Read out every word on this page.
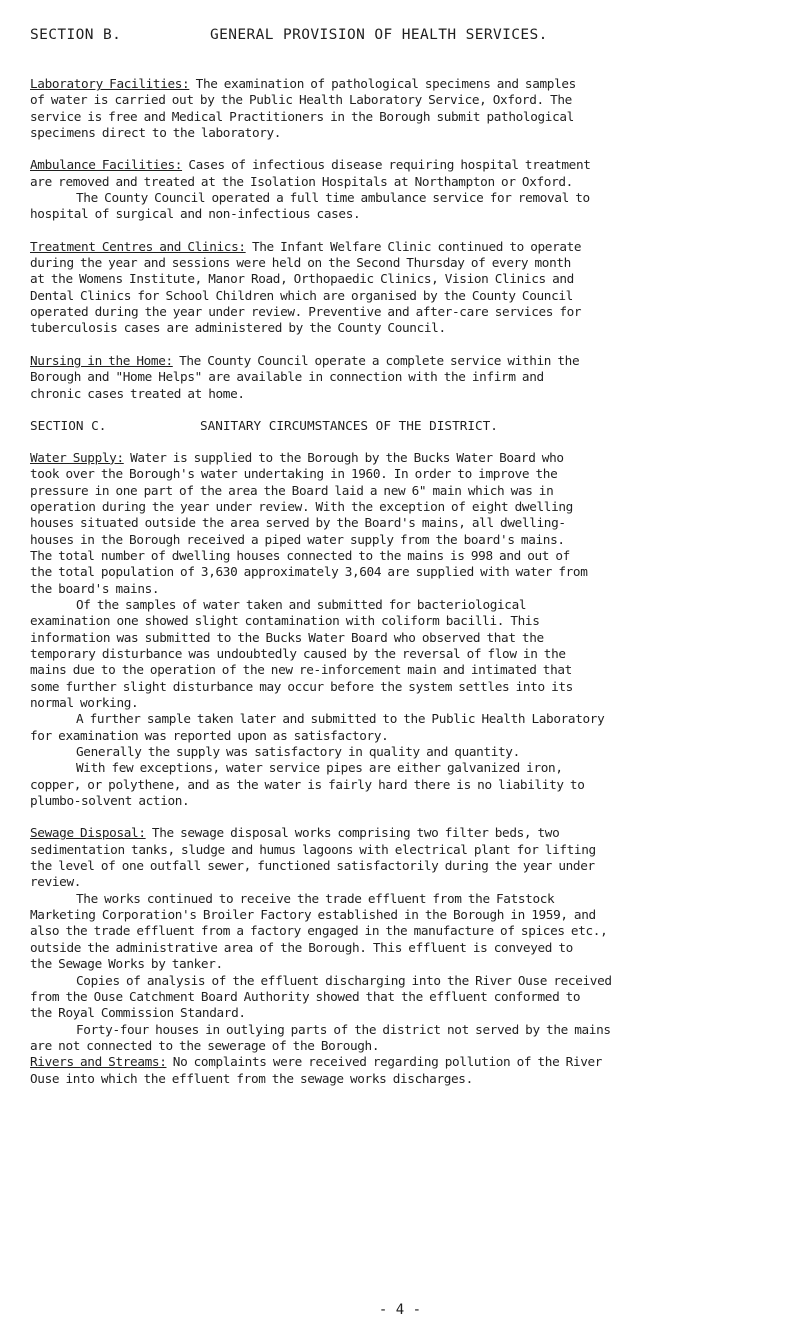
SECTION B.	GENERAL PROVISION OF HEALTH SERVICES.

Laboratory Facilities: The examination of pathological specimens and samples
of water is carried out by the Public Health Laboratory Service, Oxford. The
service is free and Medical Practitioners in the Borough submit pathological
specimens direct to the laboratory.

Ambulance Facilities: Cases of infectious disease requiring hospital treatment
are removed and treated at the Isolation Hospitals at Northampton or Oxford.
The County Council operated a full time ambulance service for removal to
hospital of surgical and non-infectious cases.

Treatment Centres and Clinics: The Infant Welfare Clinic continued to operate
during the year and sessions were held on the Second Thursday of every month
at the Womens Institute, Manor Road, Orthopaedic Clinics, Vision Clinics and
Dental Clinics for School Children which are organised by the County Council
operated during the year under review. Preventive and after-care services for
tuberculosis cases are administered by the County Council.

Nursing in the Home: The County Council operate a complete service within the
Borough and "Home Helps" are available in connection with the infirm and
chronic cases treated at home.

SECTION C.	SANITARY CIRCUMSTANCES OF THE DISTRICT.

Water Supply: Water is supplied to the Borough by the Bucks Water Board who
took over the Borough's water undertaking in 1960. In order to improve the
pressure in one part of the area the Board laid a new 6" main which was in
operation during the year under review. With the exception of eight dwelling
houses situated outside the area served by the Board's mains, all dwelling-
houses in the Borough received a piped water supply from the board's mains.
The total number of dwelling houses connected to the mains is 998 and out of
the total population of 3,630 approximately 3,604 are supplied with water from
the board's mains.
Of the samples of water taken and submitted for bacteriological
examination one showed slight contamination with coliform bacilli. This
information was submitted to the Bucks Water Board who observed that the
temporary disturbance was undoubtedly caused by the reversal of flow in the
mains due to the operation of the new re-inforcement main and intimated that
some further slight disturbance may occur before the system settles into its
normal working.
A further sample taken later and submitted to the Public Health Laboratory
for examination was reported upon as satisfactory.
Generally the supply was satisfactory in quality and quantity.
With few exceptions, water service pipes are either galvanized iron,
copper, or polythene, and as the water is fairly hard there is no liability to
plumbo-solvent action.

Sewage Disposal: The sewage disposal works comprising two filter beds, two
sedimentation tanks, sludge and humus lagoons with electrical plant for lifting
the level of one outfall sewer, functioned satisfactorily during the year under
review.
The works continued to receive the trade effluent from the Fatstock
Marketing Corporation's Broiler Factory established in the Borough in 1959, and
also the trade effluent from a factory engaged in the manufacture of spices etc.,
outside the administrative area of the Borough. This effluent is conveyed to
the Sewage Works by tanker.
Copies of analysis of the effluent discharging into the River Ouse received
from the Ouse Catchment Board Authority showed that the effluent conformed to
the Royal Commission Standard.
Forty-four houses in outlying parts of the district not served by the mains
are not connected to the sewerage of the Borough.

Rivers and Streams: No complaints were received regarding pollution of the River
Ouse into which the effluent from the sewage works discharges.

- 4 -
